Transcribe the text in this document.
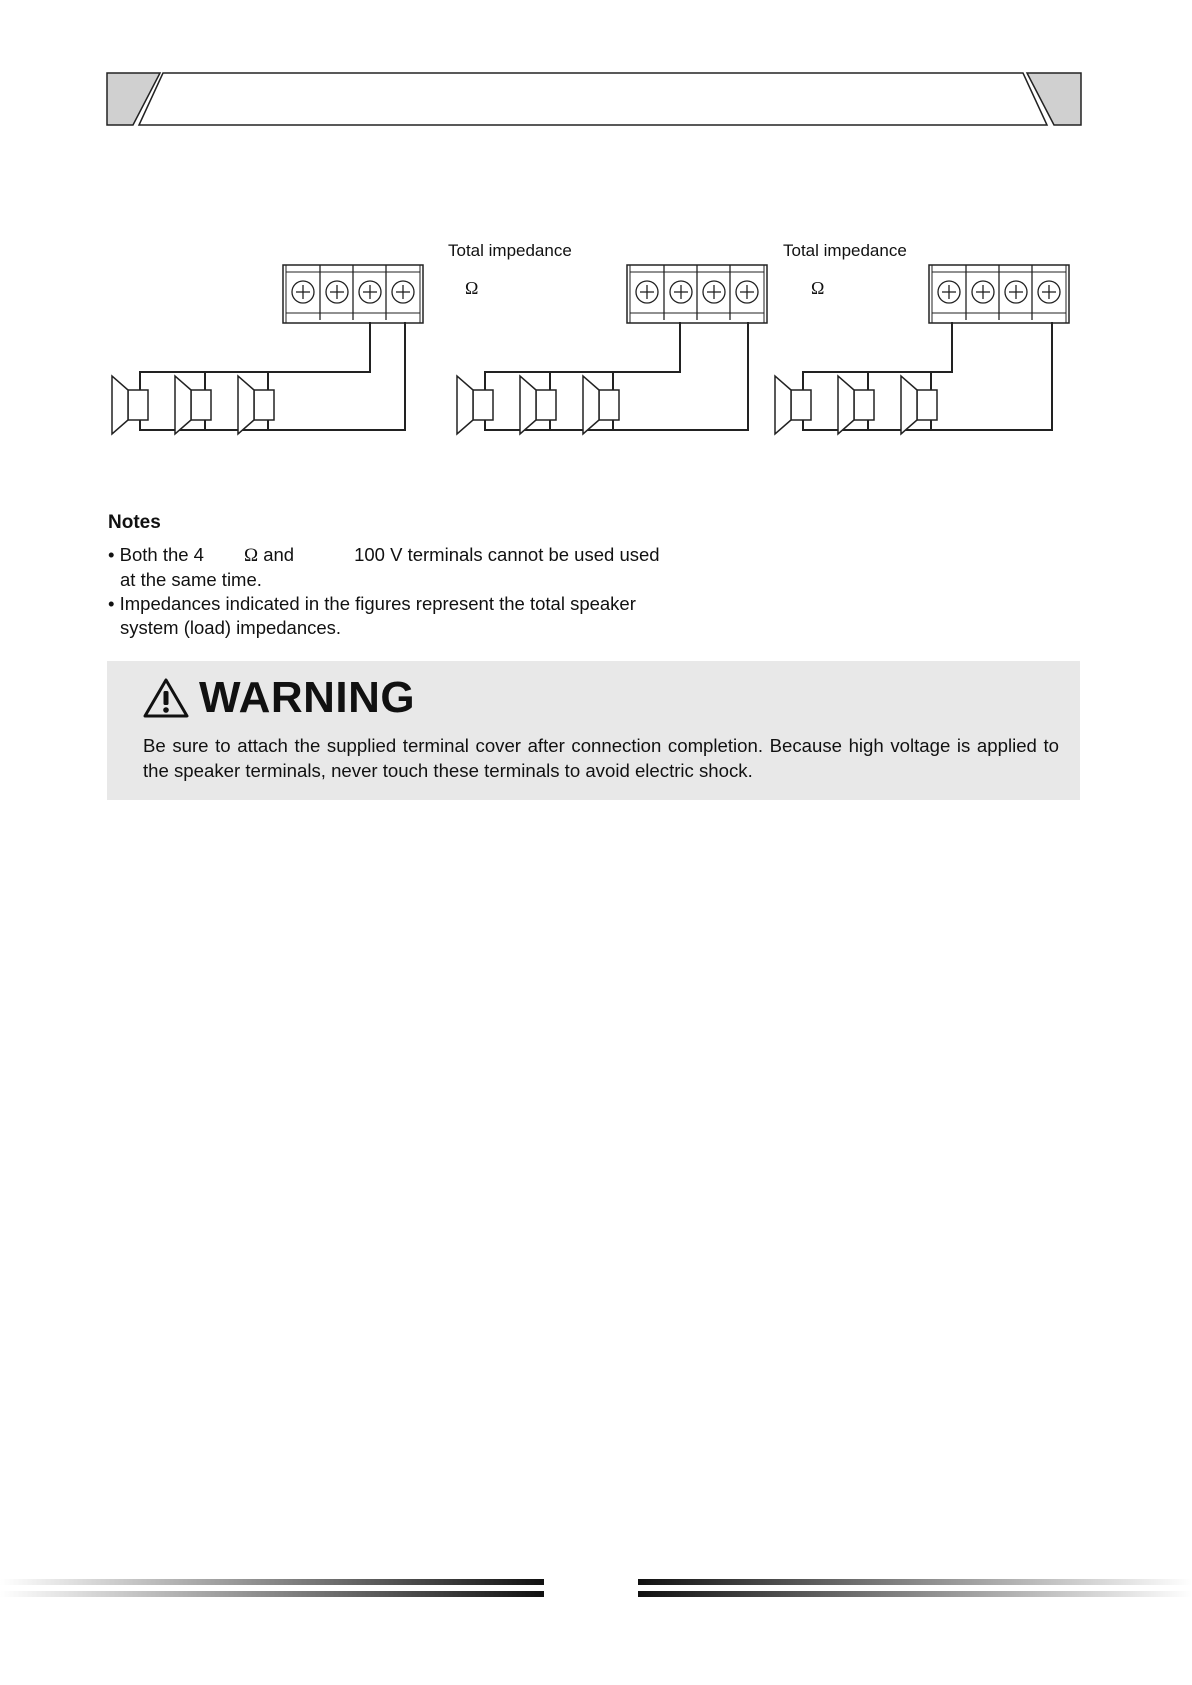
Total impedance
Ω
Total impedance
Ω
Notes
• Both the 4 Ω and	100 V terminals cannot be used used at the same time.
• Impedances indicated in the figures represent the total speaker system (load) impedances.
WARNING
Be sure to attach the supplied terminal cover after connection completion. Because high voltage is applied to the speaker terminals, never touch these terminals to avoid electric shock.
